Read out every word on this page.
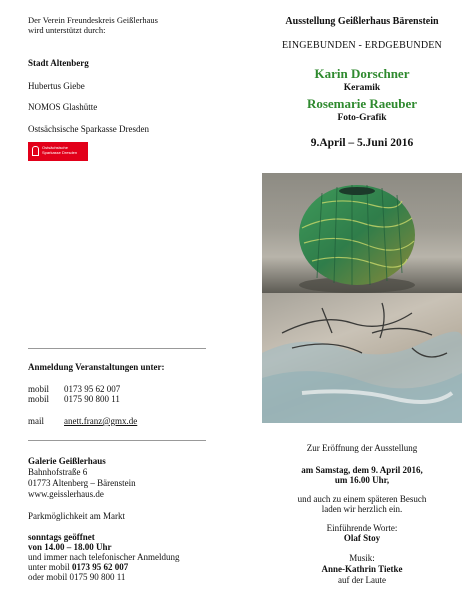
Der Verein Freundeskreis Geißlerhaus
wird unterstützt durch:
Stadt Altenberg
Hubertus Giebe
NOMOS Glashütte
Ostsächsische Sparkasse Dresden
Ostsächsische
Sparkasse Dresden
Anmeldung Veranstaltungen unter:
mobil 0173 95 62 007
mobil 0175 90 800 11
mail anett.franz@gmx.de
Galerie Geißlerhaus
Bahnhofstraße 6
01773 Altenberg – Bärenstein
www.geisslerhaus.de
Parkmöglichkeit am Markt
sonntags geöffnet
von 14.00 – 18.00 Uhr
und immer nach telefonischer Anmeldung
unter mobil 0173 95 62 007
oder mobil 0175 90 800 11
Ausstellung Geißlerhaus Bärenstein
EINGEBUNDEN - ERDGEBUNDEN
Karin Dorschner
Keramik
Rosemarie Raeuber
Foto-Grafik
9.April – 5.Juni 2016
Zur Eröffnung der Ausstellung
am Samstag, dem 9. April 2016,
um 16.00 Uhr,
und auch zu einem späteren Besuch
laden wir herzlich ein.
Einführende Worte:
Olaf Stoy
Musik:
Anne-Kathrin Tietke
auf der Laute
